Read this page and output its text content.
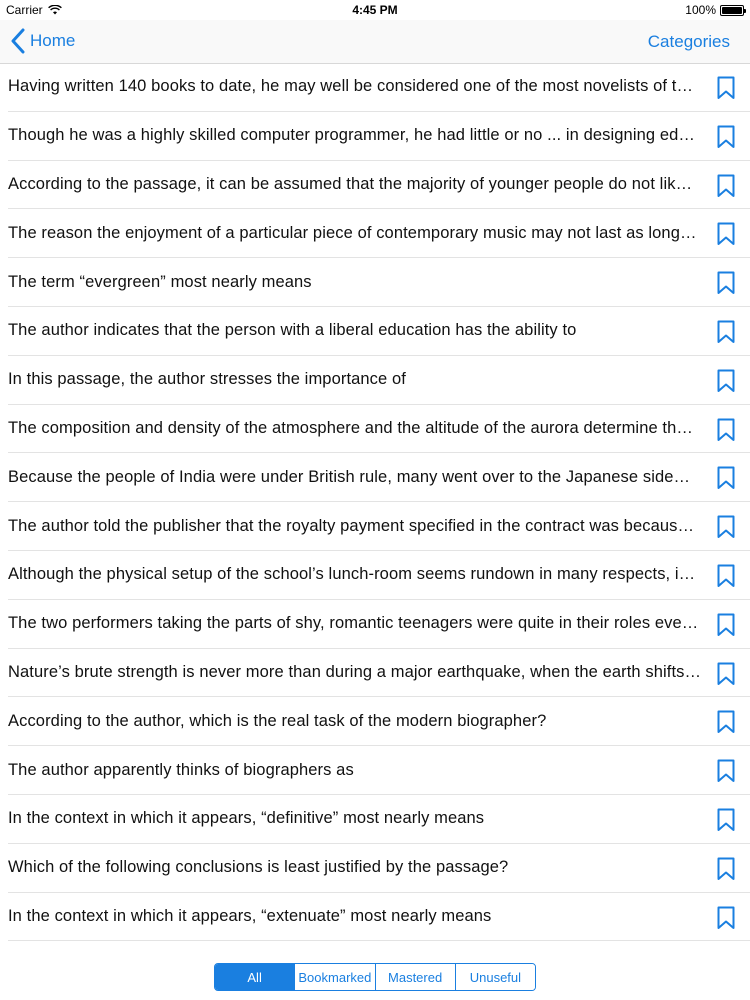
Carrier	4:45 PM	100%
Home	Categories
Having written 140 books to date, he may well be considered one of the most novelists of t…
Though he was a highly skilled computer programmer, he had little or no ... in designing ed…
According to the passage, it can be assumed that the majority of younger people do not lik…
The reason the enjoyment of a particular piece of contemporary music may not last as long…
The term “evergreen” most nearly means
The author indicates that the person with a liberal education has the ability to
In this passage, the author stresses the importance of
The composition and density of the atmosphere and the altitude of the aurora determine th…
Because the people of India were under British rule, many went over to the Japanese side…
The author told the publisher that the royalty payment specified in the contract was becaus…
Although the physical setup of the school’s lunch-room seems rundown in many respects, i…
The two performers taking the parts of shy, romantic teenagers were quite in their roles eve…
Nature’s brute strength is never more than during a major earthquake, when the earth shifts…
According to the author, which is the real task of the modern biographer?
The author apparently thinks of biographers as
In the context in which it appears, “definitive” most nearly means
Which of the following conclusions is least justified by the passage?
In the context in which it appears, “extenuate” most nearly means
All	Bookmarked	Mastered	Unuseful
